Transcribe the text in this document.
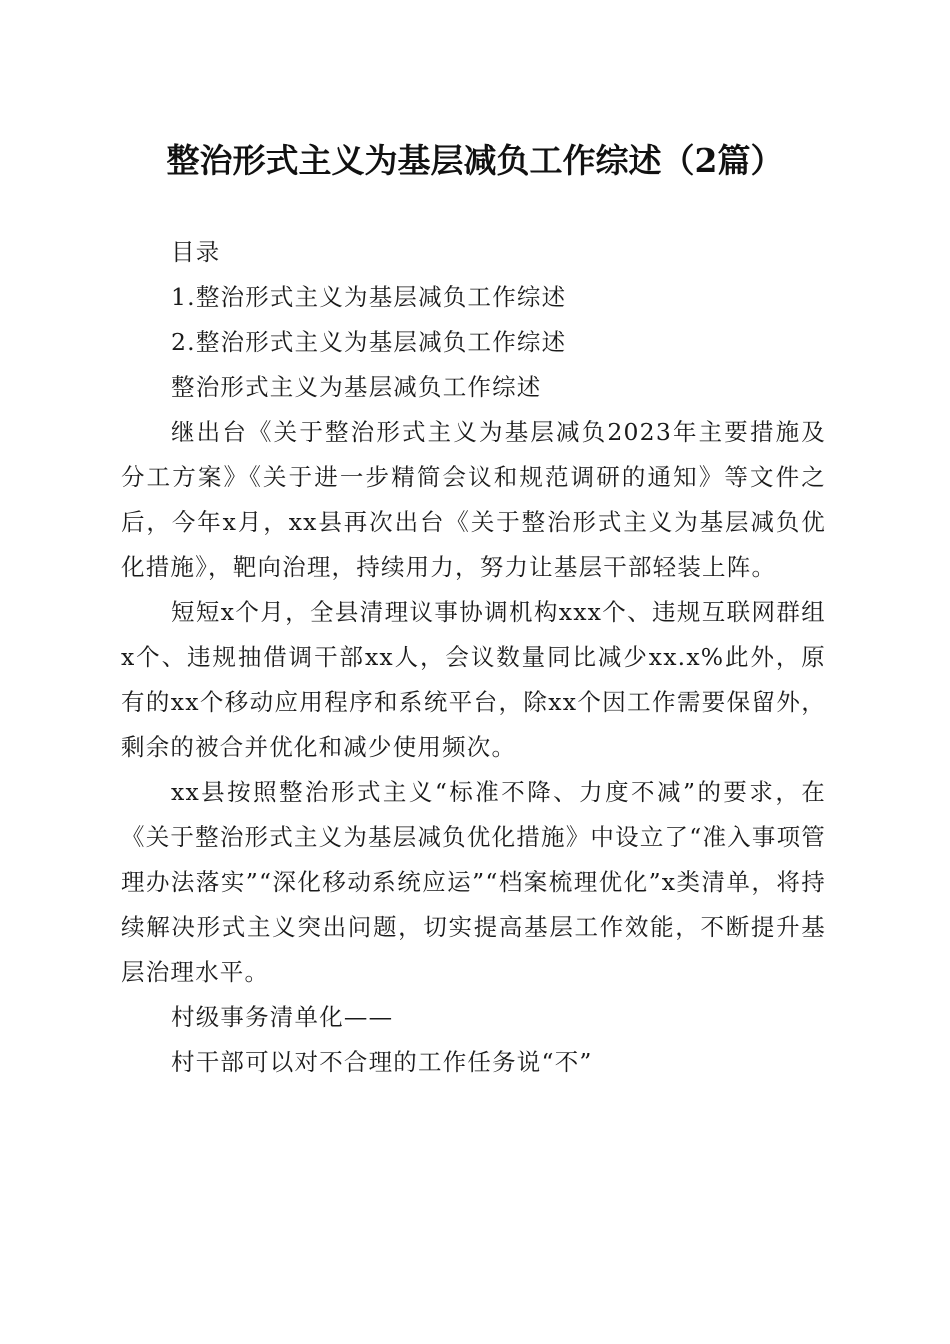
整治形式主义为基层减负工作综述（2篇）
目录
1.整治形式主义为基层减负工作综述
2.整治形式主义为基层减负工作综述
整治形式主义为基层减负工作综述

继出台《关于整治形式主义为基层减负2023年主要措施及分工方案》《关于进一步精简会议和规范调研的通知》等文件之后，今年x月，xx县再次出台《关于整治形式主义为基层减负优化措施》，靶向治理，持续用力，努力让基层干部轻装上阵。

短短x个月，全县清理议事协调机构xxx个、违规互联网群组x个、违规抽借调干部xx人，会议数量同比减少xx.x%此外，原有的xx个移动应用程序和系统平台，除xx个因工作需要保留外，剩余的被合并优化和减少使用频次。

xx县按照整治形式主义“标准不降、力度不减”的要求，在《关于整治形式主义为基层减负优化措施》中设立了“准入事项管理办法落实”“深化移动系统应运”“档案梳理优化”x类清单，将持续解决形式主义突出问题，切实提高基层工作效能，不断提升基层治理水平。

村级事务清单化——
村干部可以对不合理的工作任务说“不”
